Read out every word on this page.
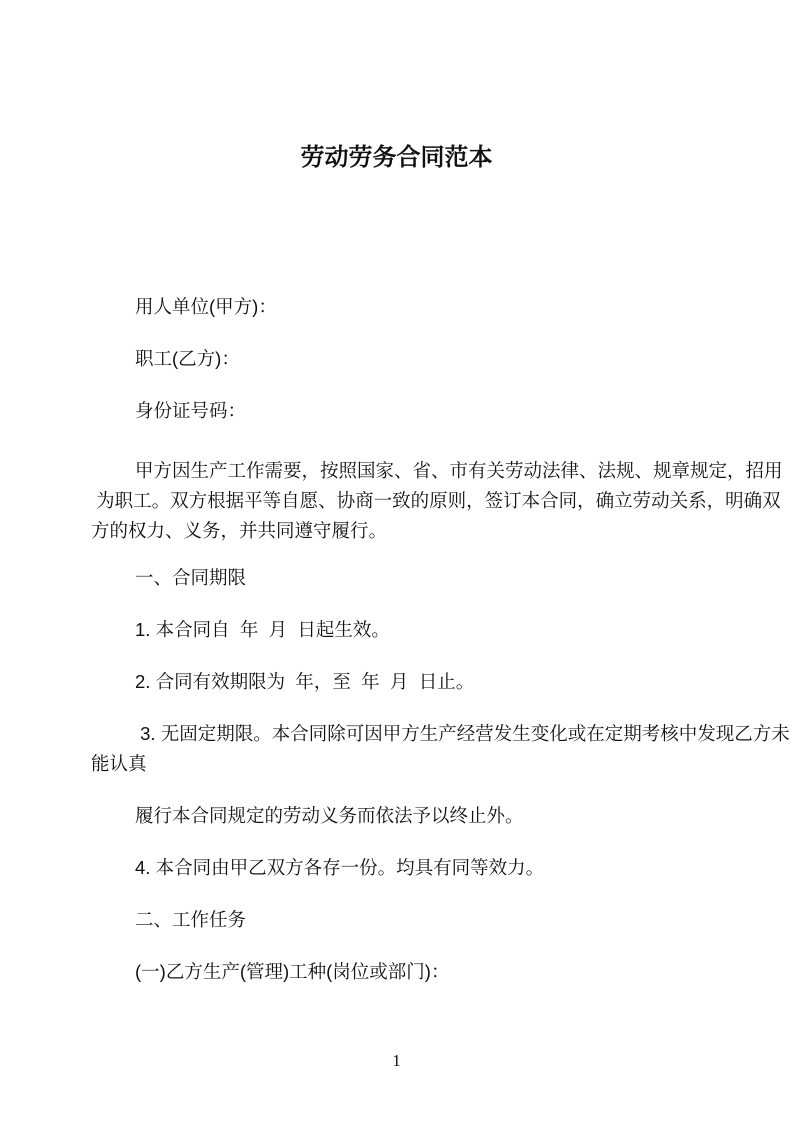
劳动劳务合同范本

用人单位(甲方)：

职工(乙方)：

身份证号码：

甲方因生产工作需要，按照国家、省、市有关劳动法律、法规、规章规定，招用

为职工。双方根据平等自愿、协商一致的原则，签订本合同，确立劳动关系，明确双

方的权力、义务，并共同遵守履行。

一、合同期限

1. 本合同自  年  月  日起生效。

2. 合同有效期限为  年，至  年  月  日止。

3. 无固定期限。本合同除可因甲方生产经营发生变化或在定期考核中发现乙方未

能认真

履行本合同规定的劳动义务而依法予以终止外。

4. 本合同由甲乙双方各存一份。均具有同等效力。

二、工作任务

(一)乙方生产(管理)工种(岗位或部门)：

1
